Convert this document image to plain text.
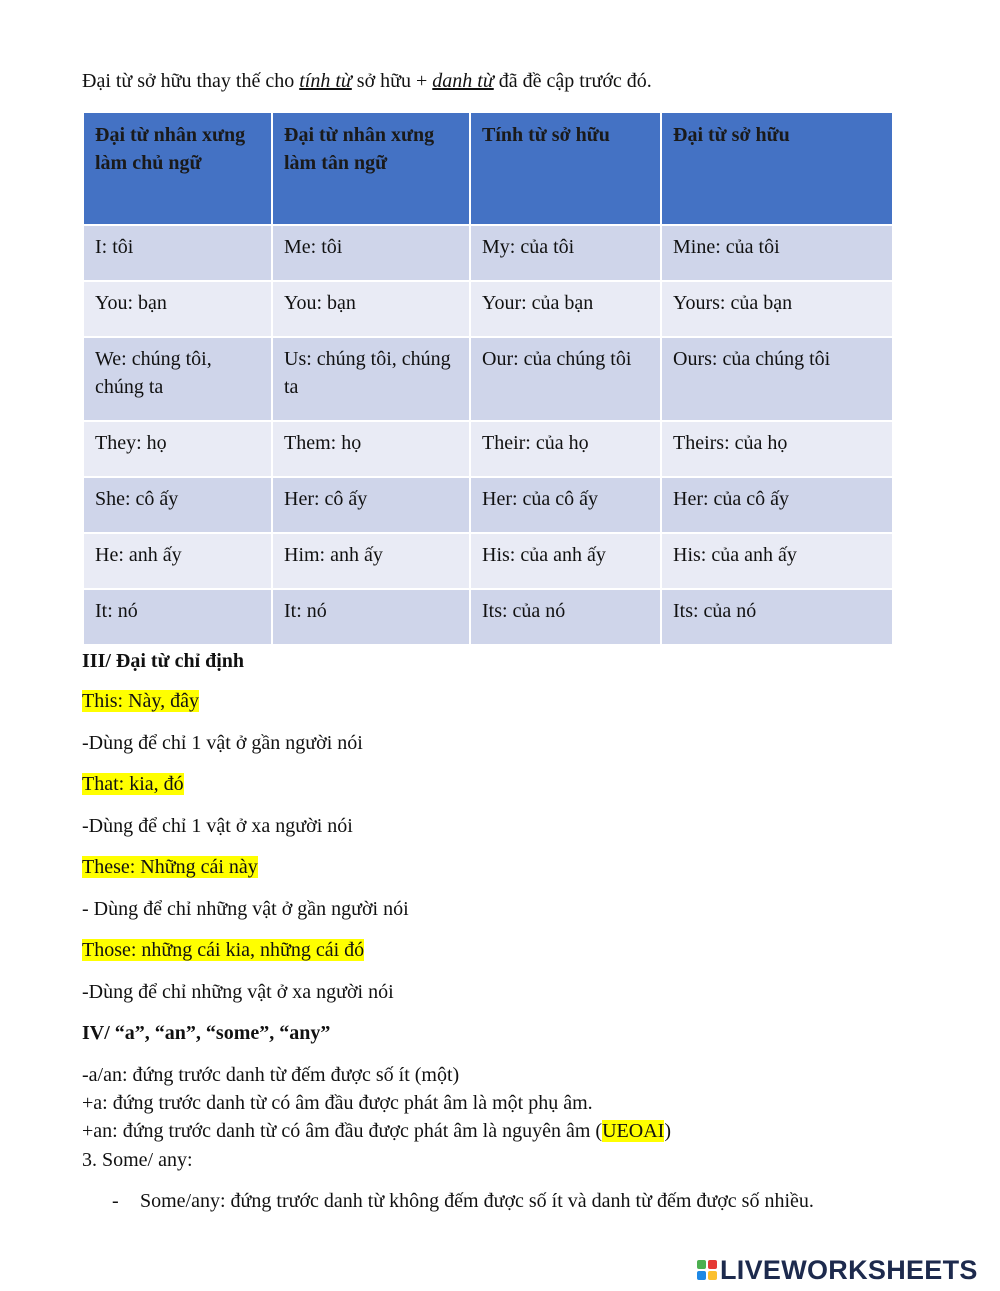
Đại từ sở hữu thay thế cho tính từ sở hữu + danh từ đã đề cập trước đó.
Đại từ nhân xưng làm chủ ngữ	Đại từ nhân xưng làm tân ngữ	Tính từ sở hữu	Đại từ sở hữu
I: tôi	Me: tôi	My: của tôi	Mine: của tôi
You: bạn	You: bạn	Your: của bạn	Yours: của bạn
We: chúng tôi, chúng ta	Us: chúng tôi, chúng ta	Our: của chúng tôi	Ours: của chúng tôi
They: họ	Them: họ	Their: của họ	Theirs: của họ
She: cô ấy	Her: cô ấy	Her: của cô ấy	Her: của cô ấy
He: anh ấy	Him: anh ấy	His: của anh ấy	His: của anh ấy
It: nó	It: nó	Its: của nó	Its: của nó
III/ Đại từ chỉ định
This: Này, đây
-Dùng để chỉ 1 vật ở gần người nói
That: kia, đó
-Dùng để chỉ 1 vật ở xa người nói
These: Những cái này
- Dùng để chỉ những vật ở gần người nói
Those: những cái kia, những cái đó
-Dùng để chỉ những vật ở xa người nói
IV/ “a”, “an”, “some”, “any”
-a/an: đứng trước danh từ đếm được số ít (một)
+a: đứng trước danh từ có âm đầu được phát âm là một phụ âm.
+an: đứng trước danh từ có âm đầu được phát âm là nguyên âm (UEOAI)
3. Some/ any:
- Some/any: đứng trước danh từ không đếm được số ít và danh từ đếm được số nhiều.
LIVEWORKSHEETS
